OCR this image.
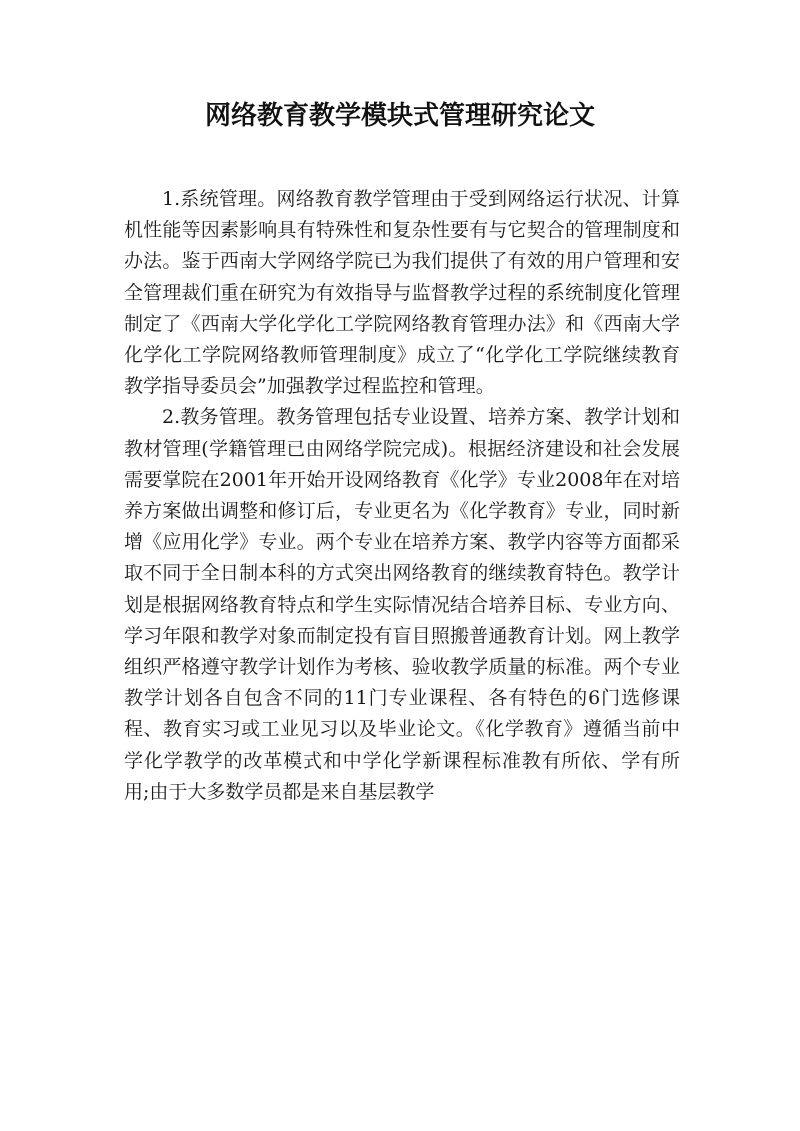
网络教育教学模块式管理研究论文

1.系统管理。网络教育教学管理由于受到网络运行状况、计算机性能等因素影响具有特殊性和复杂性要有与它契合的管理制度和办法。鉴于西南大学网络学院已为我们提供了有效的用户管理和安全管理裁们重在研究为有效指导与监督教学过程的系统制度化管理制定了《西南大学化学化工学院网络教育管理办法》和《西南大学化学化工学院网络教师管理制度》成立了“化学化工学院继续教育教学指导委员会”加强教学过程监控和管理。

2.教务管理。教务管理包括专业设置、培养方案、教学计划和教材管理(学籍管理已由网络学院完成)。根据经济建设和社会发展需要掌院在2001年开始开设网络教育《化学》专业2008年在对培养方案做出调整和修订后，专业更名为《化学教育》专业，同时新增《应用化学》专业。两个专业在培养方案、教学内容等方面都采取不同于全日制本科的方式突出网络教育的继续教育特色。教学计划是根据网络教育特点和学生实际情况结合培养目标、专业方向、学习年限和教学对象而制定投有盲目照搬普通教育计划。网上教学组织严格遵守教学计划作为考核、验收教学质量的标准。两个专业教学计划各自包含不同的11门专业课程、各有特色的6门选修课程、教育实习或工业见习以及毕业论文。《化学教育》遵循当前中学化学教学的改革模式和中学化学新课程标准教有所依、学有所用;由于大多数学员都是来自基层教学
